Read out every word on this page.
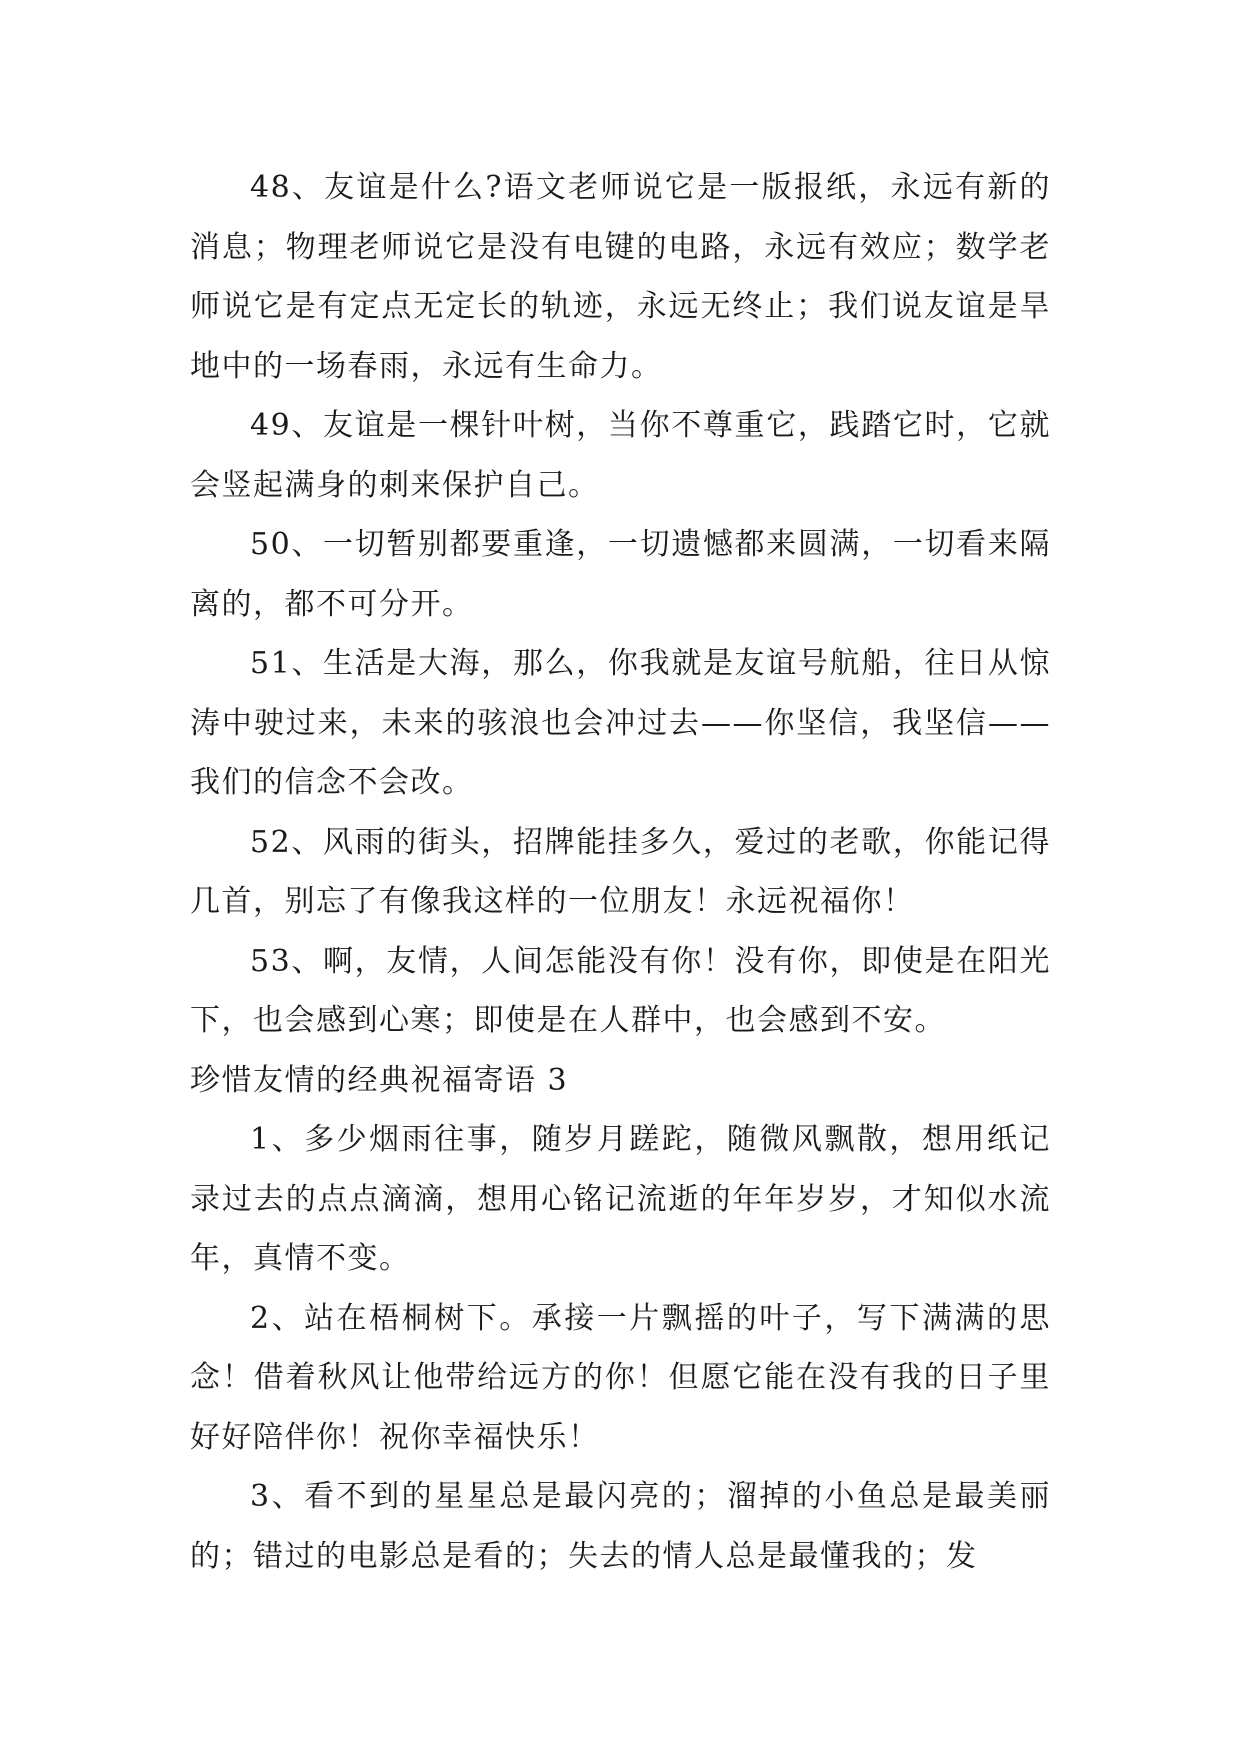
48、友谊是什么?语文老师说它是一版报纸，永远有新的消息；物理老师说它是没有电键的电路，永远有效应；数学老师说它是有定点无定长的轨迹，永远无终止；我们说友谊是旱地中的一场春雨，永远有生命力。

49、友谊是一棵针叶树，当你不尊重它，践踏它时，它就会竖起满身的刺来保护自己。

50、一切暂别都要重逢，一切遗憾都来圆满，一切看来隔离的，都不可分开。

51、生活是大海，那么，你我就是友谊号航船，往日从惊涛中驶过来，未来的骇浪也会冲过去——你坚信，我坚信——我们的信念不会改。

52、风雨的街头，招牌能挂多久，爱过的老歌，你能记得几首，别忘了有像我这样的一位朋友！永远祝福你！

53、啊，友情，人间怎能没有你！没有你，即使是在阳光下，也会感到心寒；即使是在人群中，也会感到不安。

珍惜友情的经典祝福寄语 3

1、多少烟雨往事，随岁月蹉跎，随微风飘散，想用纸记录过去的点点滴滴，想用心铭记流逝的年年岁岁，才知似水流年，真情不变。

2、站在梧桐树下。承接一片飘摇的叶子，写下满满的思念！借着秋风让他带给远方的你！但愿它能在没有我的日子里好好陪伴你！祝你幸福快乐！

3、看不到的星星总是最闪亮的；溜掉的小鱼总是最美丽的；错过的电影总是看的；失去的情人总是最懂我的；发
